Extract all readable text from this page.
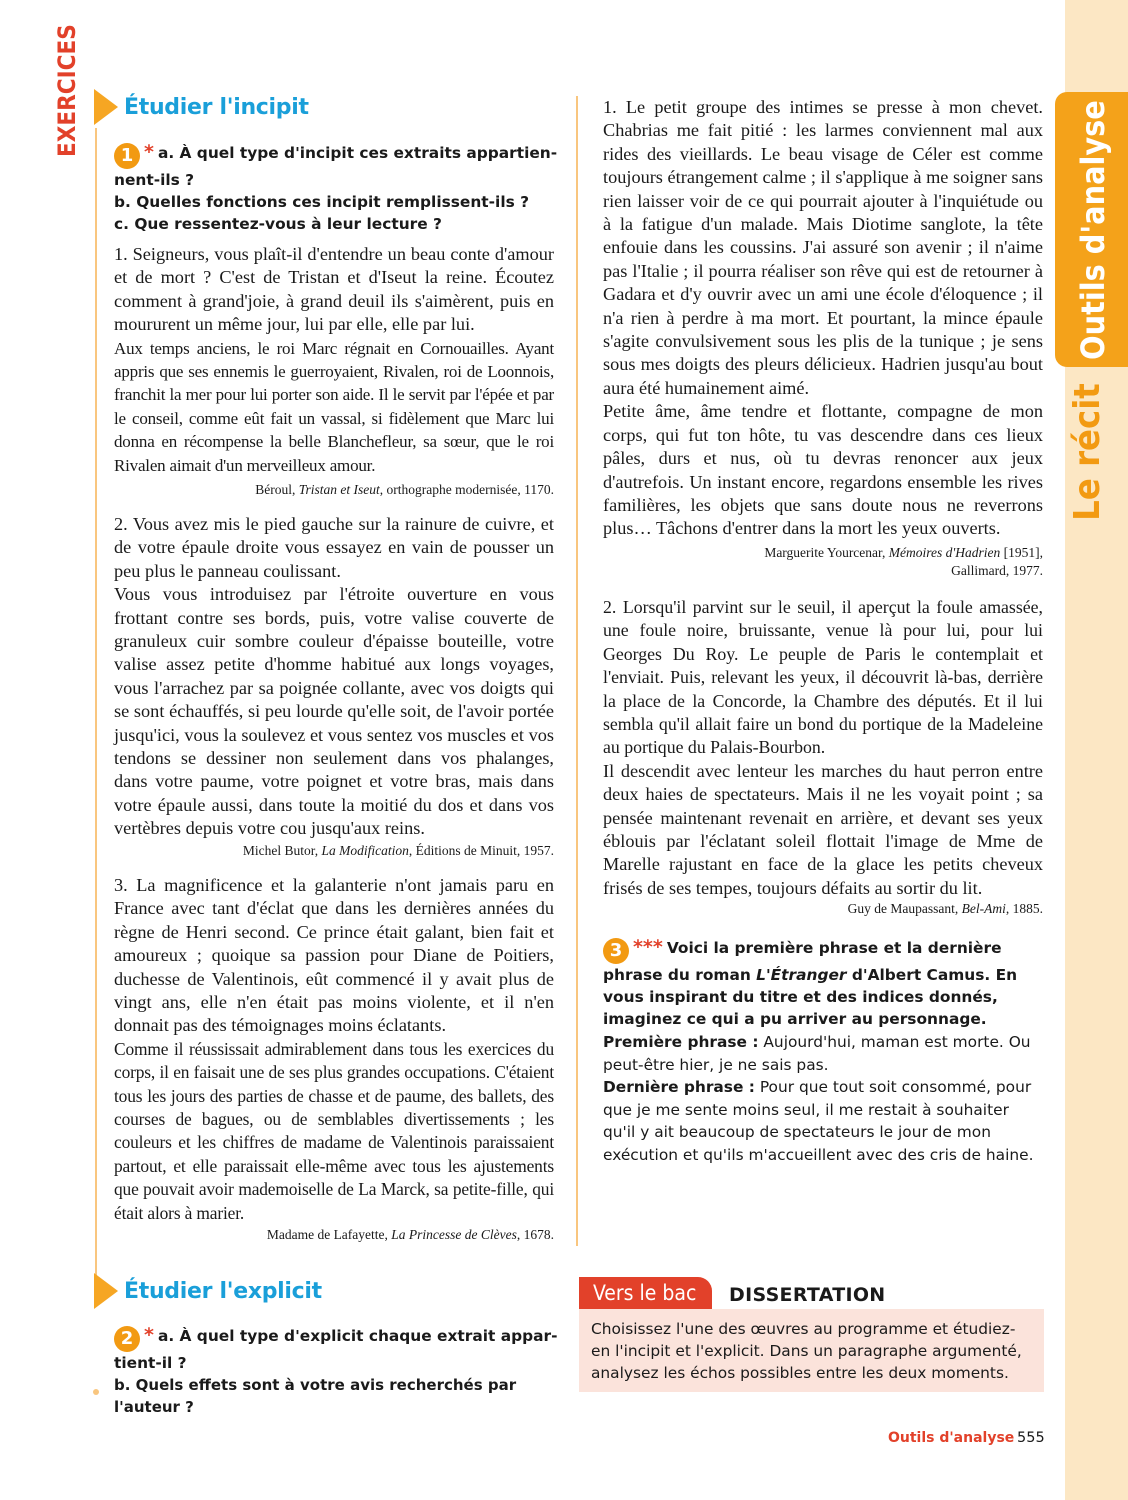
Outils d'analyse
Le récit
EXERCICES Étudier l'incipit
1 * a. À quel type d'incipit ces extraits appartien-nent-ils ?
b. Quelles fonctions ces incipit remplissent-ils ?
c. Que ressentez-vous à leur lecture ?

1. Seigneurs, vous plaît-il d'entendre un beau conte d'amour et de mort ? C'est de Tristan et d'Iseut la reine. Écoutez comment à grand'joie, à grand deuil ils s'aimèrent, puis en moururent un même jour, lui par elle, elle par lui.

Aux temps anciens, le roi Marc régnait en Cornouailles. Ayant appris que ses ennemis le guerroyaient, Rivalen, roi de Loonnois, franchit la mer pour lui porter son aide. Il le servit par l'épée et par le conseil, comme eût fait un vassal, si fidèlement que Marc lui donna en récompense la belle Blanchefleur, sa sœur, que le roi Rivalen aimait d'un merveilleux amour.

Béroul, Tristan et Iseut, orthographe modernisée, 1170.

2. Vous avez mis le pied gauche sur la rainure de cuivre, et de votre épaule droite vous essayez en vain de pousser un peu plus le panneau coulissant.

Vous vous introduisez par l'étroite ouverture en vous frottant contre ses bords, puis, votre valise couverte de granuleux cuir sombre couleur d'épaisse bouteille, votre valise assez petite d'homme habitué aux longs voyages, vous l'arrachez par sa poignée collante, avec vos doigts qui se sont échauffés, si peu lourde qu'elle soit, de l'avoir portée jusqu'ici, vous la soulevez et vous sentez vos muscles et vos tendons se dessiner non seulement dans vos phalanges, dans votre paume, votre poignet et votre bras, mais dans votre épaule aussi, dans toute la moitié du dos et dans vos vertèbres depuis votre cou jusqu'aux reins.

Michel Butor, La Modification, Éditions de Minuit, 1957.

3. La magnificence et la galanterie n'ont jamais paru en France avec tant d'éclat que dans les dernières années du règne de Henri second. Ce prince était galant, bien fait et amoureux ; quoique sa passion pour Diane de Poitiers, duchesse de Valentinois, eût commencé il y avait plus de vingt ans, elle n'en était pas moins violente, et il n'en donnait pas des témoignages moins éclatants.

Comme il réussissait admirablement dans tous les exercices du corps, il en faisait une de ses plus grandes occupations. C'étaient tous les jours des parties de chasse et de paume, des ballets, des courses de bagues, ou de semblables divertissements ; les couleurs et les chiffres de madame de Valentinois paraissaient partout, et elle paraissait elle-même avec tous les ajustements que pouvait avoir mademoiselle de La Marck, sa petite-fille, qui était alors à marier.

Madame de Lafayette, La Princesse de Clèves, 1678.
Étudier l'explicit
2 * a. À quel type d'explicit chaque extrait appar-tient-il ?
b. Quels effets sont à votre avis recherchés par l'auteur ?

1. Le petit groupe des intimes se presse à mon chevet. Chabrias me fait pitié : les larmes conviennent mal aux rides des vieillards. Le beau visage de Céler est comme toujours étrangement calme ; il s'applique à me soigner sans rien laisser voir de ce qui pourrait ajouter à l'inquiétude ou à la fatigue d'un malade. Mais Diotime sanglote, la tête enfouie dans les coussins. J'ai assuré son avenir ; il n'aime pas l'Italie ; il pourra réaliser son rêve qui est de retourner à Gadara et d'y ouvrir avec un ami une école d'éloquence ; il n'a rien à perdre à ma mort. Et pourtant, la mince épaule s'agite convulsivement sous les plis de la tunique ; je sens sous mes doigts des pleurs délicieux. Hadrien jusqu'au bout aura été humainement aimé.

Petite âme, âme tendre et flottante, compagne de mon corps, qui fut ton hôte, tu vas descendre dans ces lieux pâles, durs et nus, où tu devras renoncer aux jeux d'autrefois. Un instant encore, regardons ensemble les rives familières, les objets que sans doute nous ne reverrons plus… Tâchons d'entrer dans la mort les yeux ouverts.

Marguerite Yourcenar, Mémoires d'Hadrien [1951],
Gallimard, 1977.

2. Lorsqu'il parvint sur le seuil, il aperçut la foule amassée, une foule noire, bruissante, venue là pour lui, pour lui Georges Du Roy. Le peuple de Paris le contemplait et l'enviait. Puis, relevant les yeux, il découvrit là-bas, derrière la place de la Concorde, la Chambre des députés. Et il lui sembla qu'il allait faire un bond du portique de la Madeleine au portique du Palais-Bourbon.

Il descendit avec lenteur les marches du haut perron entre deux haies de spectateurs. Mais il ne les voyait point ; sa pensée maintenant revenait en arrière, et devant ses yeux éblouis par l'éclatant soleil flottait l'image de Mme de Marelle rajustant en face de la glace les petits cheveux frisés de ses tempes, toujours défaits au sortir du lit.

Guy de Maupassant, Bel-Ami, 1885.
3 *** Voici la première phrase et la dernière phrase du roman L'Étranger d'Albert Camus. En vous inspirant du titre et des indices donnés, imaginez ce qui a pu arriver au personnage.
Première phrase : Aujourd'hui, maman est morte. Ou peut-être hier, je ne sais pas.
Dernière phrase : Pour que tout soit consommé, pour que je me sente moins seul, il me restait à souhaiter qu'il y ait beaucoup de spectateurs le jour de mon exécution et qu'ils m'accueillent avec des cris de haine.
Vers le bac	DISSERTATION
Choisissez l'une des œuvres au programme et étudiez-en l'incipit et l'explicit. Dans un paragraphe argumenté, analysez les échos possibles entre les deux moments.
Outils d'analyse 555
